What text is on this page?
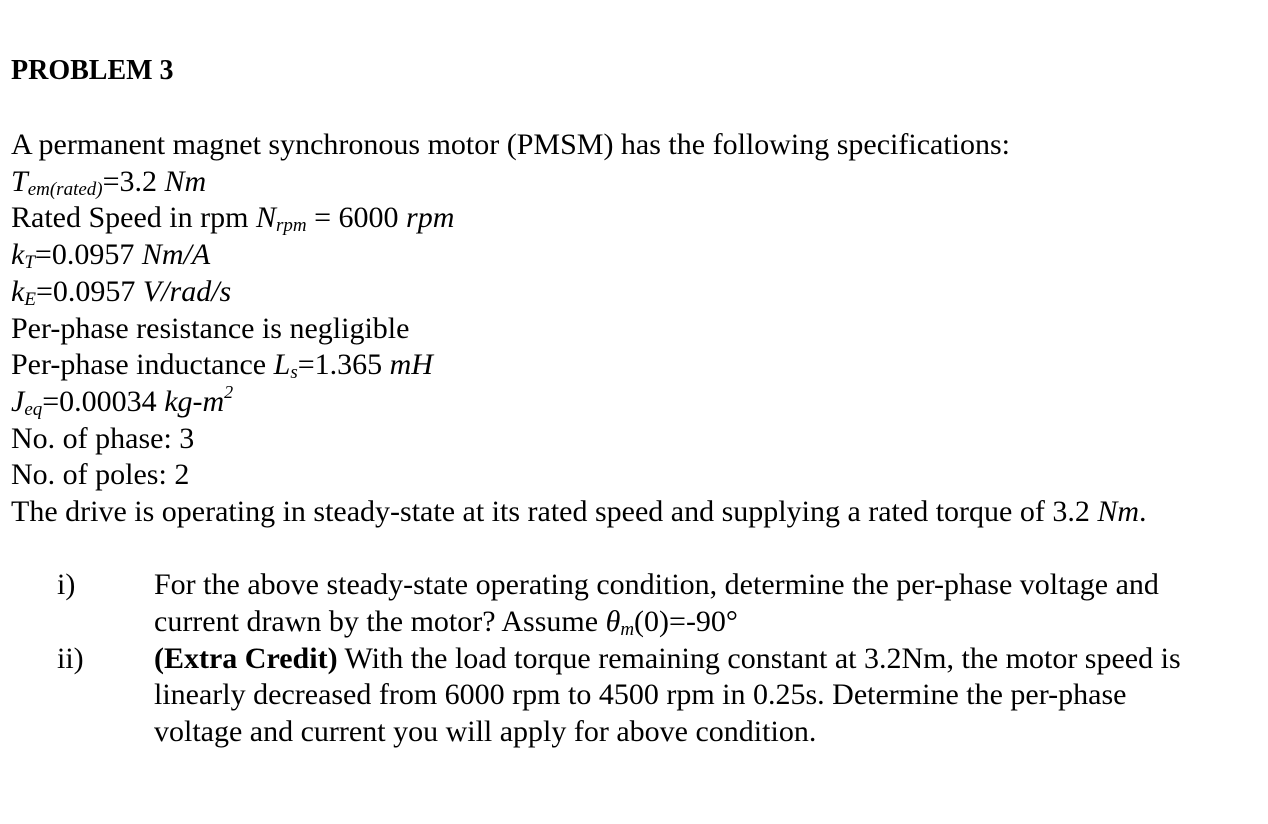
PROBLEM 3
A permanent magnet synchronous motor (PMSM) has the following specifications:
$T_{em(rated)}=3.2$ Nm
Rated Speed in rpm $N_{rpm} = 6000$ rpm
$k_T=0.0957$ Nm/A
$k_E=0.0957$ V/rad/s
Per-phase resistance is negligible
Per-phase inductance $L_s=1.365$ mH
$J_{eq}=0.00034$ $kg-m^2$
No. of phase: 3
No. of poles: 2
The drive is operating in steady-state at its rated speed and supplying a rated torque of 3.2 Nm.
i)	For the above steady-state operating condition, determine the per-phase voltage and
current drawn by the motor? Assume $\theta_m(0)=-90^\circ$
ii) (Extra Credit) With the load torque remaining constant at 3.2Nm, the motor speed is
linearly decreased from 6000 rpm to 4500 rpm in 0.25s. Determine the per-phase
voltage and current you will apply for above condition.
